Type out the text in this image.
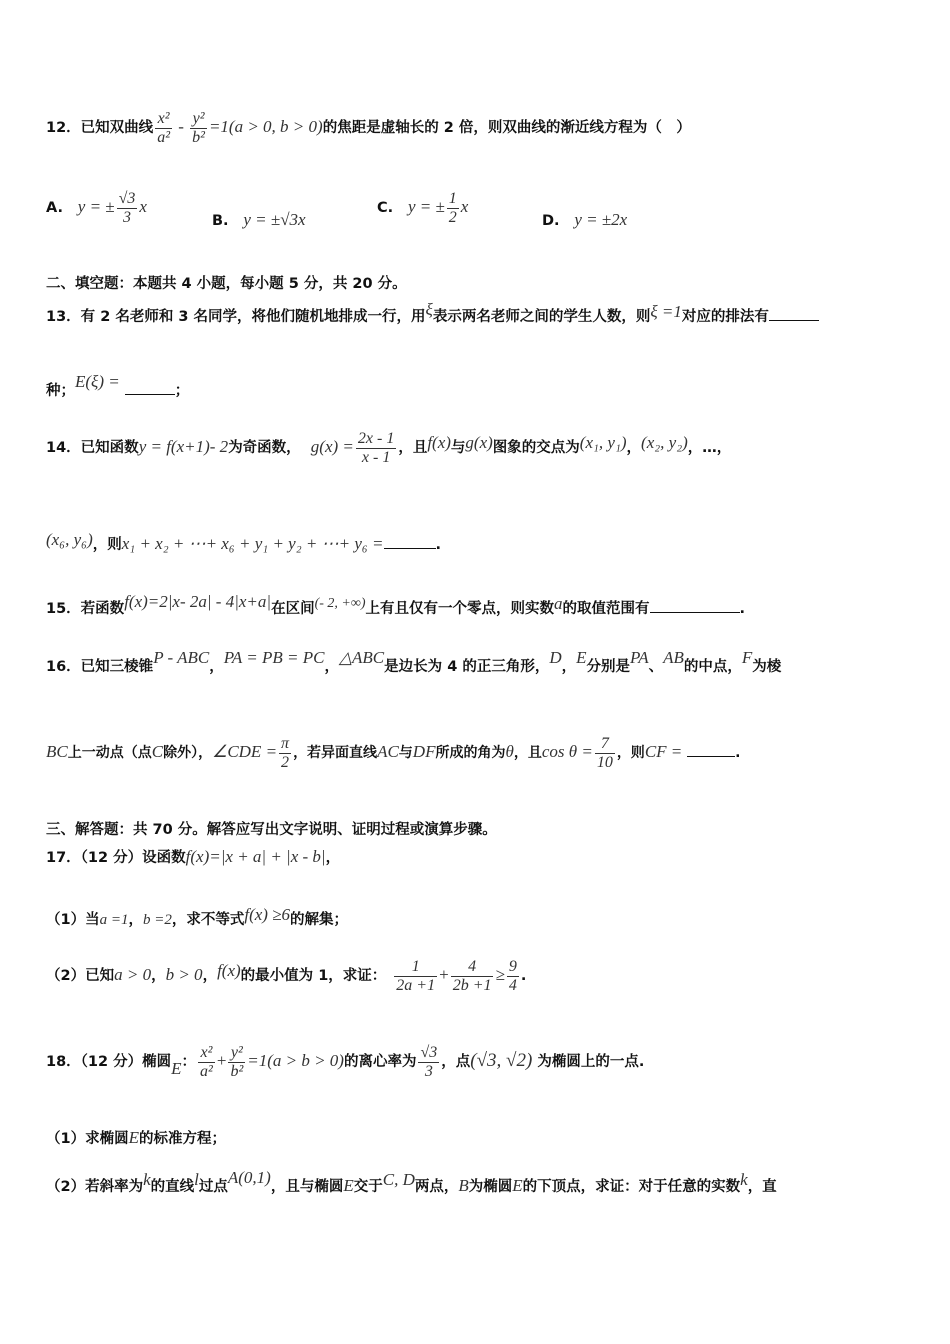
12．已知双曲线 $\frac{\text{x²}}{\text{a²}} - \frac{\text{y²}}{\text{b²}} =1(a > 0$, b > 0)的焦距是虚轴长的 2 倍，则双曲线的渐近线方程为（　）
A. y = ± $\frac{√3}{3}$ x
B. y = ±√3x
C. y = ± $\frac{1}{2}$ x
D. y = ±2x
二、填空题：本题共 4 小题，每小题 5 分，共 20 分。
13．有 2 名老师和 3 名同学，将他们随机地排成一行，用ξ表示两名老师之间的学生人数，则ξ =1对应的排法有
种；E(ξ) =	；
14．已知函数y = f(x+1)- 2为奇函数， $g(x) = \frac{2x - 1}{x - 1}$ ，且f(x)与g(x)图象的交点为(x₁, y₁)，(x₂, y₂)，…，
(x₆, y₆)，则x₁ + x₂ + ⋯+ x₆ + y₁ + y₂ + ⋯+ y₆ =	.
15．若函数f(x)=2|x- 2a| - 4|x+a|在区间(- 2, +∞)上有且仅有一个零点，则实数a的取值范围有	.
16．已知三棱锥P - ABC，PA = PB = PC，△ABC是边长为 4 的正三角形，D，E分别是PA、AB的中点，F为棱
BC上一动点（点C除外），∠CDE = $\frac{\pi}{2}$ ，若异面直线AC与DF所成的角为θ，且$\cos \theta = \frac{7}{10}$ ，则CF =	.
三、解答题：共 70 分。解答应写出文字说明、证明过程或演算步骤。
17．（12 分）设函数f(x)=|x + a| + |x - b|，
（1）当a =1，b =2，求不等式f(x) ≥6的解集；
（2）已知a > 0，b > 0，f(x)的最小值为 1，求证： $\frac{1}{2a +1} + \frac{4}{2b +1} \ge \frac{9}{4}$ .
18．（12 分）椭圆E： $\frac{\text{x²}}{\text{a²}} + \frac{\text{y²}}{\text{b²}} =1(a > b > 0)$的离心率为 $\frac{√3}{3}$ ，点(√3, √2) 为椭圆上的一点.
（1）求椭圆E的标准方程；
（2）若斜率为k的直线l过点A(0,1)，且与椭圆E交于C, D两点，B为椭圆E的下顶点，求证：对于任意的实数k，直
